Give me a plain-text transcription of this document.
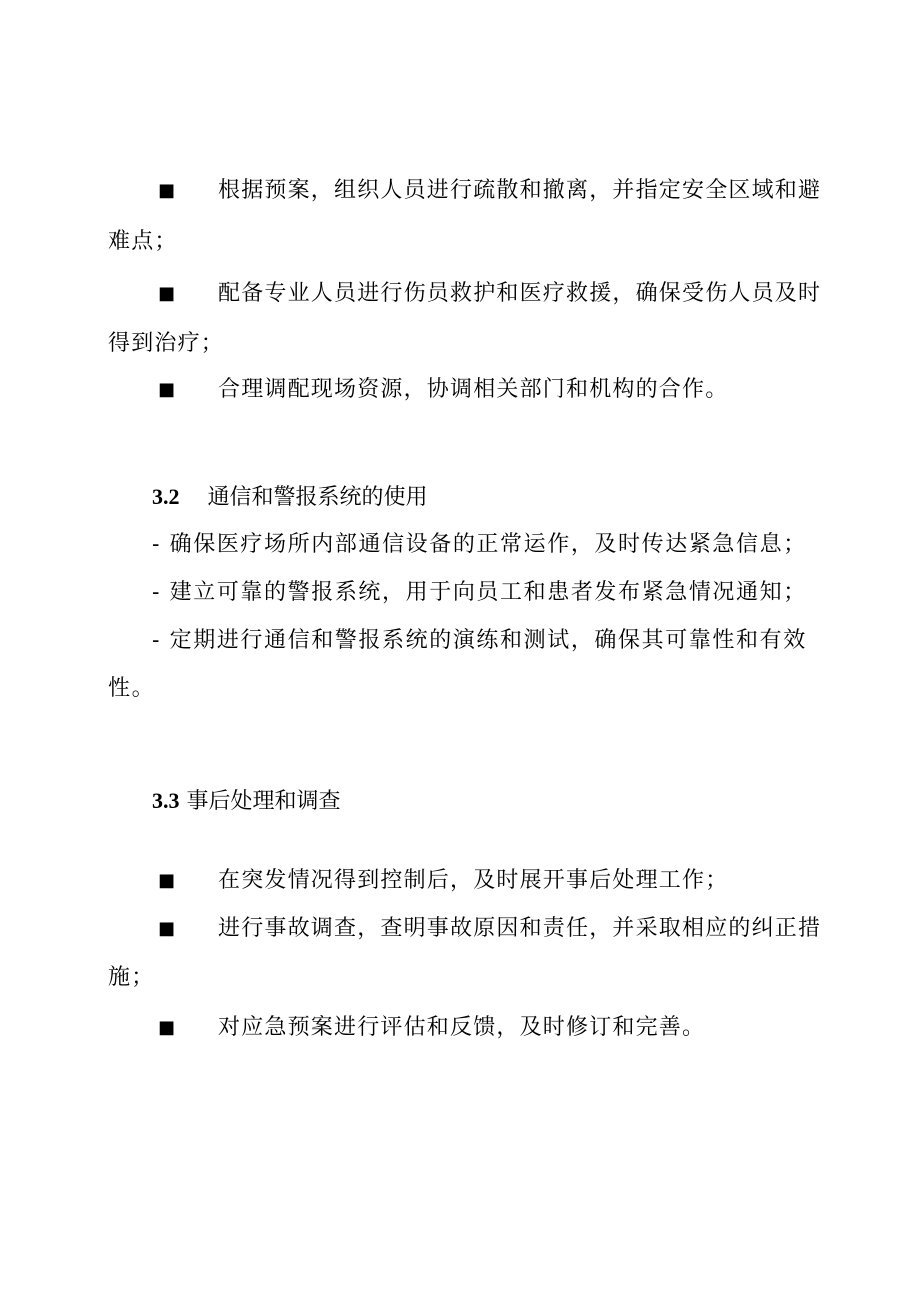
■ 根据预案，组织人员进行疏散和撤离，并指定安全区域和避
难点；
■ 配备专业人员进行伤员救护和医疗救援，确保受伤人员及时
得到治疗；
■ 合理调配现场资源，协调相关部门和机构的合作。
3.2 通信和警报系统的使用
- 确保医疗场所内部通信设备的正常运作，及时传达紧急信息；
- 建立可靠的警报系统，用于向员工和患者发布紧急情况通知；
- 定期进行通信和警报系统的演练和测试，确保其可靠性和有效
性。
3.3 事后处理和调查
■ 在突发情况得到控制后，及时展开事后处理工作；
■ 进行事故调查，查明事故原因和责任，并采取相应的纠正措
施；
■ 对应急预案进行评估和反馈，及时修订和完善。
